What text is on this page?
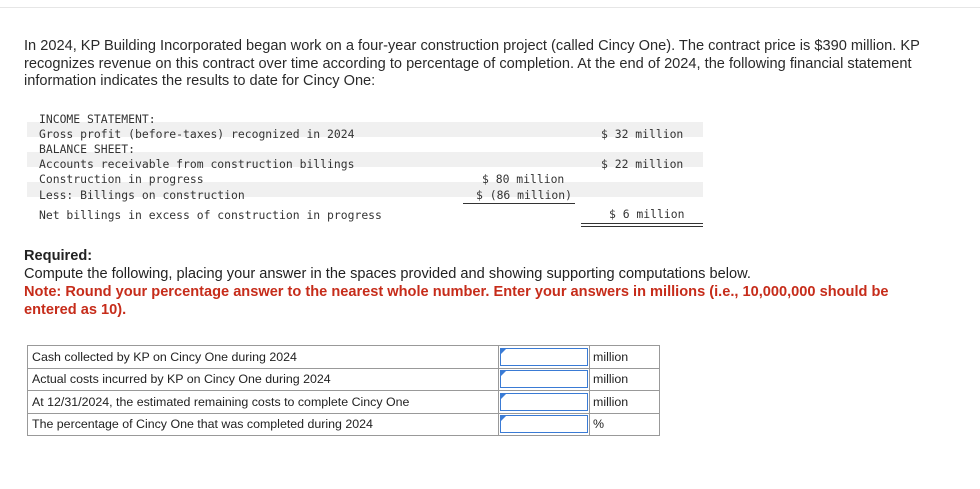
In 2024, KP Building Incorporated began work on a four-year construction project (called Cincy One). The contract price is $390 million. KP recognizes revenue on this contract over time according to percentage of completion. At the end of 2024, the following financial statement information indicates the results to date for Cincy One:
INCOME STATEMENT:
Gross profit (before-taxes) recognized in 2024	$ 32 million
BALANCE SHEET:
Accounts receivable from construction billings	$ 22 million
Construction in progress	$ 80 million
Less: Billings on construction	$ (86 million)
Net billings in excess of construction in progress	$ 6 million
Required:
Compute the following, placing your answer in the spaces provided and showing supporting computations below.
Note: Round your percentage answer to the nearest whole number. Enter your answers in millions (i.e., 10,000,000 should be entered as 10).
Cash collected by KP on Cincy One during 2024		million
Actual costs incurred by KP on Cincy One during 2024		million
At 12/31/2024, the estimated remaining costs to complete Cincy One		million
The percentage of Cincy One that was completed during 2024		%
